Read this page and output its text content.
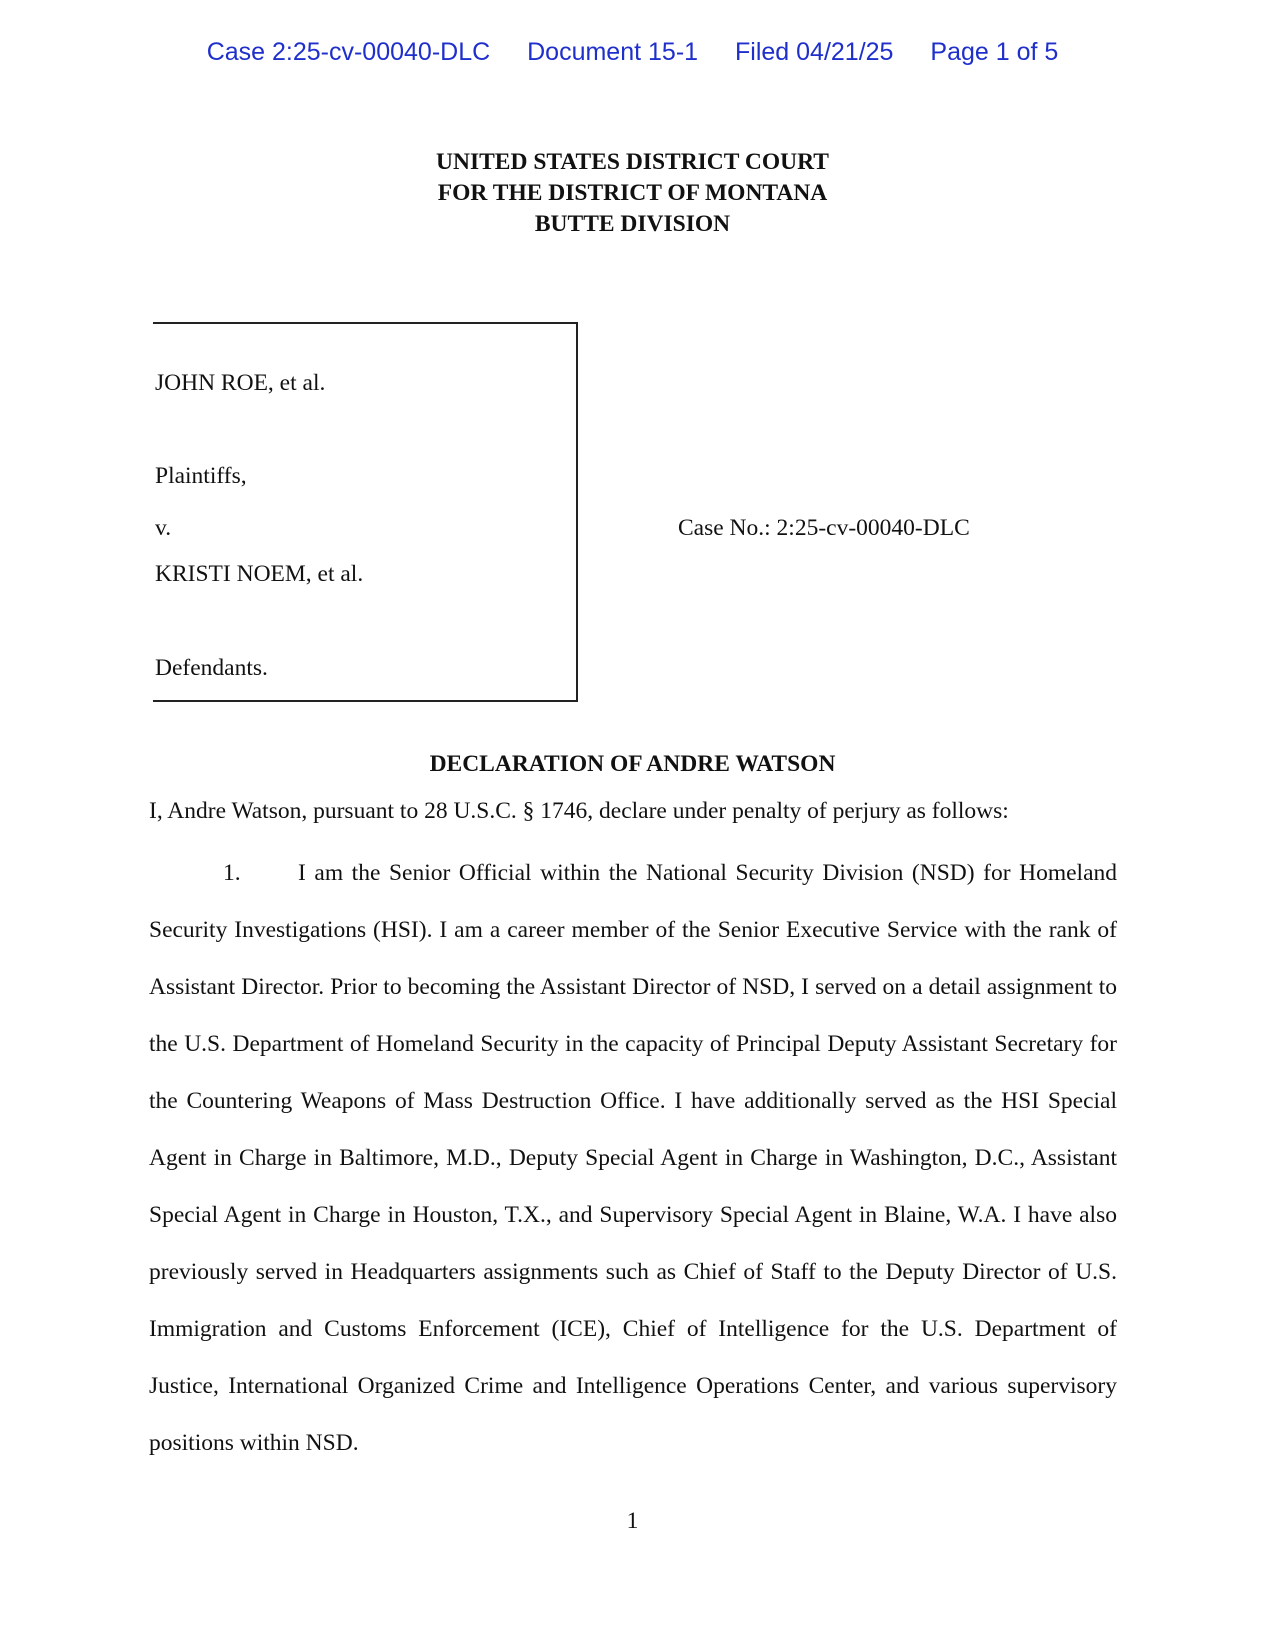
Case 2:25-cv-00040-DLC Document 15-1 Filed 04/21/25 Page 1 of 5
UNITED STATES DISTRICT COURT
FOR THE DISTRICT OF MONTANA
BUTTE DIVISION
JOHN ROE, et al.
Plaintiffs,
v.
KRISTI NOEM, et al.
Defendants.
Case No.: 2:25-cv-00040-DLC
DECLARATION OF ANDRE WATSON
I, Andre Watson, pursuant to 28 U.S.C. § 1746, declare under penalty of perjury as follows:

1. I am the Senior Official within the National Security Division (NSD) for Homeland Security Investigations (HSI). I am a career member of the Senior Executive Service with the rank of Assistant Director. Prior to becoming the Assistant Director of NSD, I served on a detail assignment to the U.S. Department of Homeland Security in the capacity of Principal Deputy Assistant Secretary for the Countering Weapons of Mass Destruction Office. I have additionally served as the HSI Special Agent in Charge in Baltimore, M.D., Deputy Special Agent in Charge in Washington, D.C., Assistant Special Agent in Charge in Houston, T.X., and Supervisory Special Agent in Blaine, W.A. I have also previously served in Headquarters assignments such as Chief of Staff to the Deputy Director of U.S. Immigration and Customs Enforcement (ICE), Chief of Intelligence for the U.S. Department of Justice, International Organized Crime and Intelligence Operations Center, and various supervisory positions within NSD.

1
